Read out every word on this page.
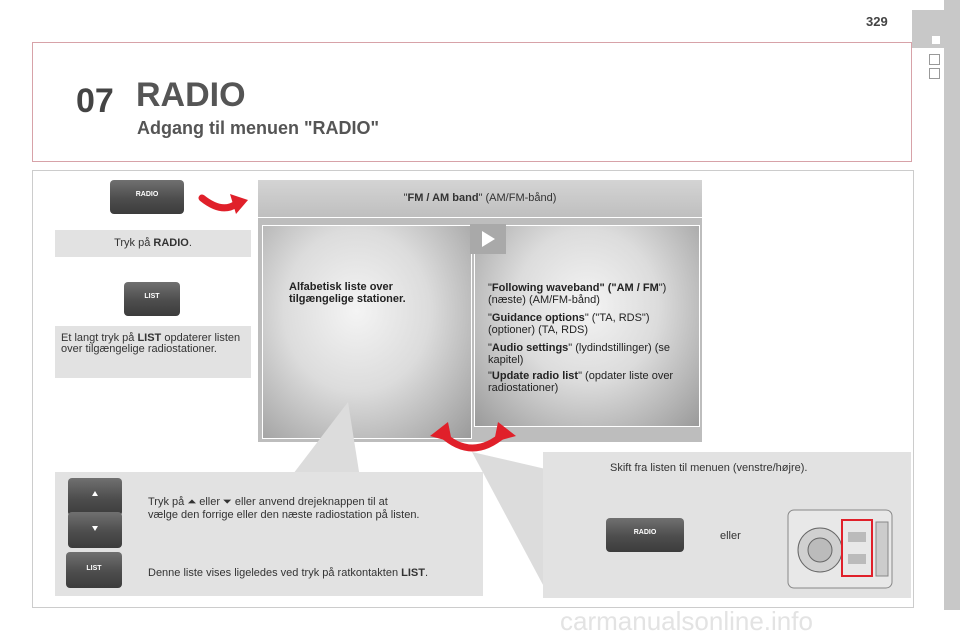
329
07 RADIO
Adgang til menuen "RADIO"
RADIO
Tryk på RADIO.
LIST
Et langt tryk på LIST opdaterer listen over tilgængelige radiostationer.
"FM / AM band" (AM/FM-bånd)
Alfabetisk liste over tilgængelige stationer.
"Following waveband" ("AM / FM") (næste) (AM/FM-bånd)
"Guidance options" ("TA, RDS") (optioner) (TA, RDS)
"Audio settings" (lydindstillinger) (se kapitel)
"Update radio list" (opdater liste over radiostationer)
LIST
Tryk på ⏶ eller ⏷ eller anvend drejeknappen til at
vælge den forrige eller den næste radiostation på listen.
Denne liste vises ligeledes ved tryk på ratkontakten LIST.
Skift fra listen til menuen (venstre/højre).
RADIO	eller
carmanualsonline.info
